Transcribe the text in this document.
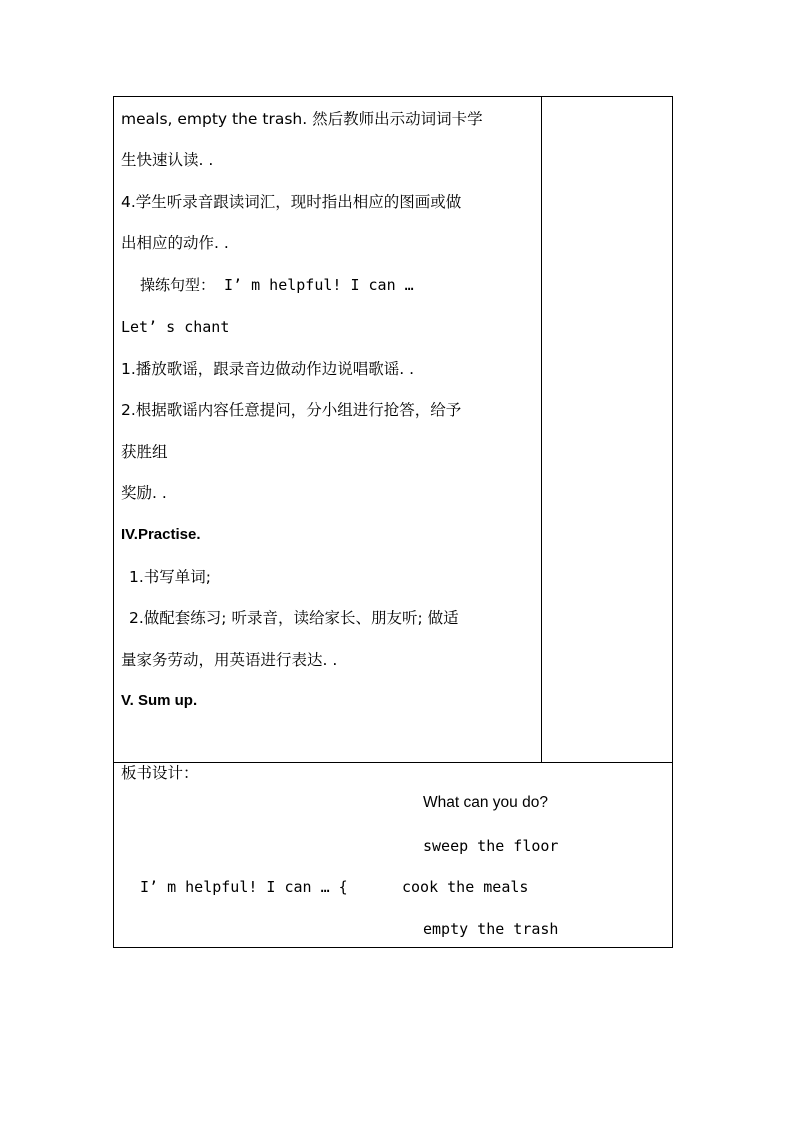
meals, empty the trash. 然后教师出示动词词卡学
生快速认读. .
4.学生听录音跟读词汇，现时指出相应的图画或做
出相应的动作. .
操练句型： I’ m helpful! I can …
Let’ s chant
1.播放歌谣，跟录音边做动作边说唱歌谣. .
2.根据歌谣内容任意提问，分小组进行抢答，给予
获胜组
奖励. .
IV.Practise.
1.书写单词;
2.做配套练习; 听录音，读给家长、朋友听; 做适
量家务劳动，用英语进行表达. .
V. Sum up.
板书设计：
What can you do?
sweep the floor
I’ m helpful! I can … {	cook the meals
empty the trash
